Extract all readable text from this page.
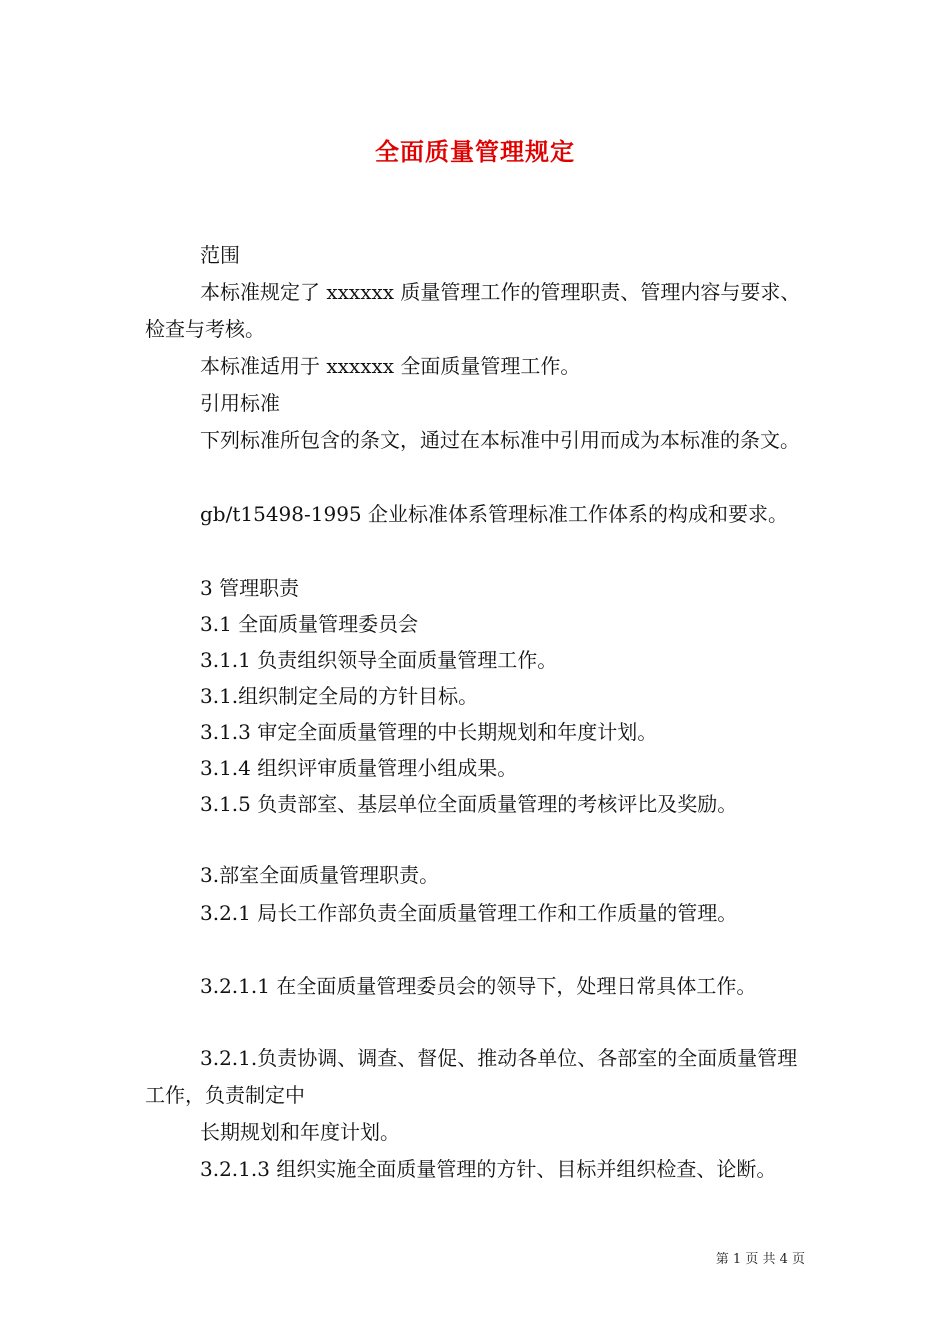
全面质量管理规定
范围
本标准规定了 xxxxxx 质量管理工作的管理职责、管理内容与要求、检查与考核。
本标准适用于 xxxxxx 全面质量管理工作。
引用标准
下列标准所包含的条文，通过在本标准中引用而成为本标准的条文。
gb/t15498-1995 企业标准体系管理标准工作体系的构成和要求。
3 管理职责
3.1 全面质量管理委员会
3.1.1 负责组织领导全面质量管理工作。
3.1.组织制定全局的方针目标。
3.1.3 审定全面质量管理的中长期规划和年度计划。
3.1.4 组织评审质量管理小组成果。
3.1.5 负责部室、基层单位全面质量管理的考核评比及奖励。
3.部室全面质量管理职责。
3.2.1 局长工作部负责全面质量管理工作和工作质量的管理。
3.2.1.1 在全面质量管理委员会的领导下，处理日常具体工作。
3.2.1.负责协调、调查、督促、推动各单位、各部室的全面质量管理工作，负责制定中
长期规划和年度计划。
3.2.1.3 组织实施全面质量管理的方针、目标并组织检查、论断。
第 1 页 共 4 页
